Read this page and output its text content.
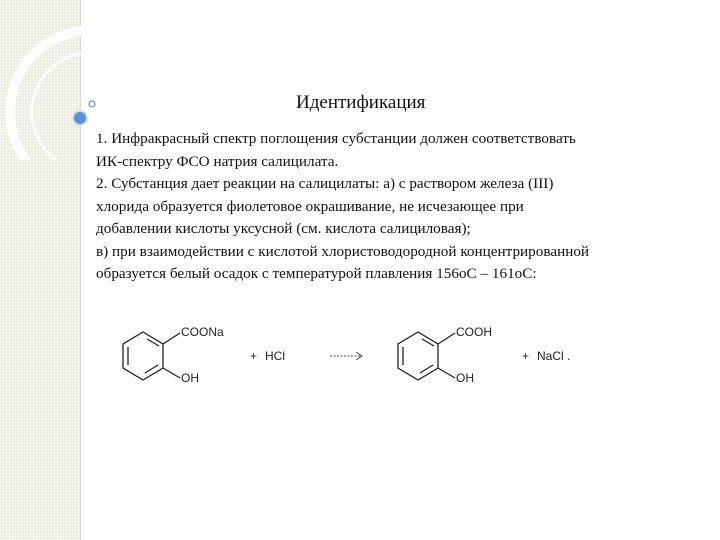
Идентификация

1. Инфракрасный спектр поглощения субстанции должен соответствовать

ИК-спектру ФСО натрия салицилата.

2. Субстанция дает реакции на салицилаты: а) с раствором железа (III)

хлорида образуется фиолетовое окрашивание, не исчезающее при

добавлении кислоты уксусной (см. кислота салициловая);

в) при взаимодействии с кислотой хлористоводородной концентрированной

образуется белый осадок с температурой плавления 156оС – 161оС:

COONa
OH
+ HCl
COOH
OH
+ NaCl .
